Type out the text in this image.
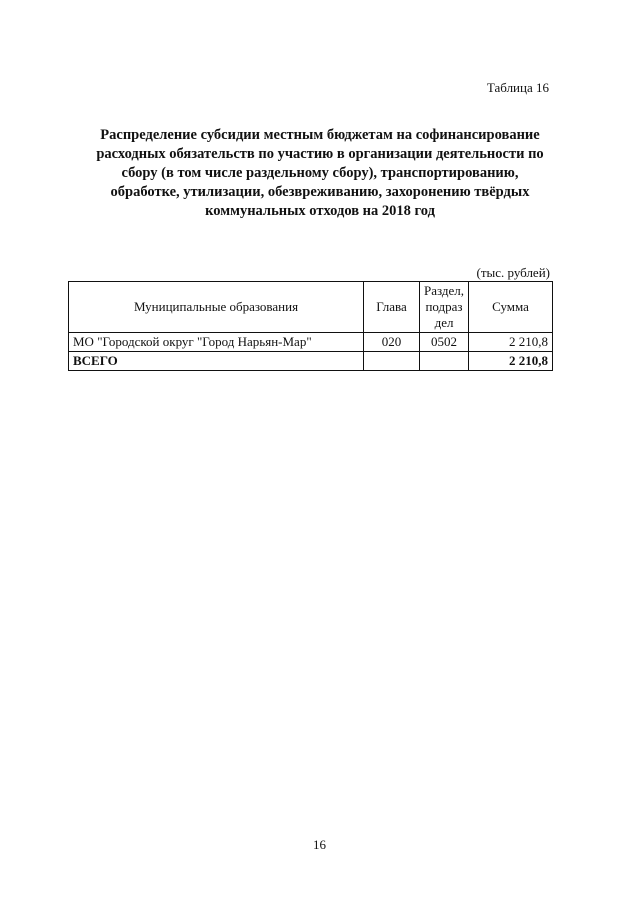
Таблица 16
Распределение субсидии местным бюджетам на софинансирование
расходных обязательств по участию в организации деятельности по
сбору (в том числе раздельному сбору), транспортированию,
обработке, утилизации, обезвреживанию, захоронению твёрдых
коммунальных отходов на 2018 год
(тыс. рублей)
Муниципальные образования	Глава	Раздел,
подраз
дел	Сумма
МО "Городской округ "Город Нарьян-Мар"	020	0502	2 210,8
ВСЕГО			2 210,8
16
